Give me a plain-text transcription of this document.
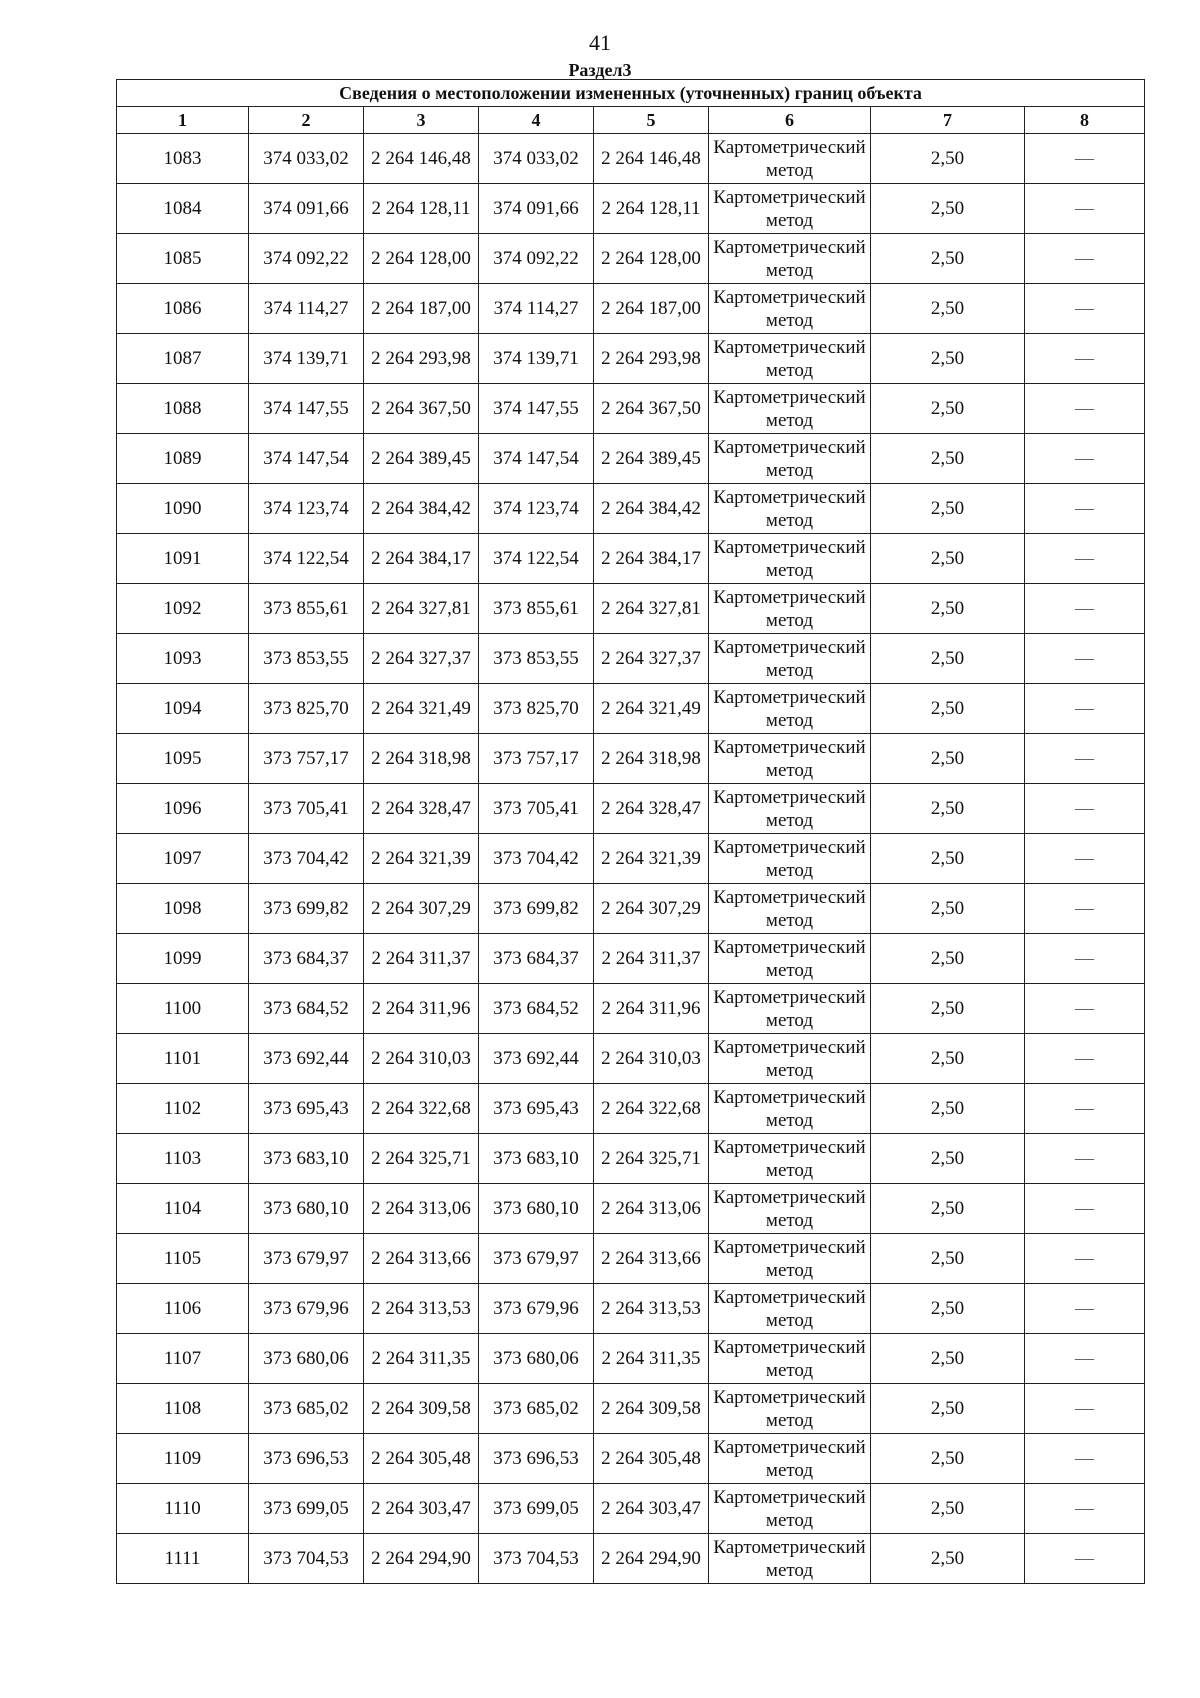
41
Раздел3
Сведения о местоположении измененных (уточненных) границ объекта							
1	2	3	4	5	6	7	8
1083	374 033,02	2 264 146,48	374 033,02	2 264 146,48	Картометрический метод	2,50	—
1084	374 091,66	2 264 128,11	374 091,66	2 264 128,11	Картометрический метод	2,50	—
1085	374 092,22	2 264 128,00	374 092,22	2 264 128,00	Картометрический метод	2,50	—
1086	374 114,27	2 264 187,00	374 114,27	2 264 187,00	Картометрический метод	2,50	—
1087	374 139,71	2 264 293,98	374 139,71	2 264 293,98	Картометрический метод	2,50	—
1088	374 147,55	2 264 367,50	374 147,55	2 264 367,50	Картометрический метод	2,50	—
1089	374 147,54	2 264 389,45	374 147,54	2 264 389,45	Картометрический метод	2,50	—
1090	374 123,74	2 264 384,42	374 123,74	2 264 384,42	Картометрический метод	2,50	—
1091	374 122,54	2 264 384,17	374 122,54	2 264 384,17	Картометрический метод	2,50	—
1092	373 855,61	2 264 327,81	373 855,61	2 264 327,81	Картометрический метод	2,50	—
1093	373 853,55	2 264 327,37	373 853,55	2 264 327,37	Картометрический метод	2,50	—
1094	373 825,70	2 264 321,49	373 825,70	2 264 321,49	Картометрический метод	2,50	—
1095	373 757,17	2 264 318,98	373 757,17	2 264 318,98	Картометрический метод	2,50	—
1096	373 705,41	2 264 328,47	373 705,41	2 264 328,47	Картометрический метод	2,50	—
1097	373 704,42	2 264 321,39	373 704,42	2 264 321,39	Картометрический метод	2,50	—
1098	373 699,82	2 264 307,29	373 699,82	2 264 307,29	Картометрический метод	2,50	—
1099	373 684,37	2 264 311,37	373 684,37	2 264 311,37	Картометрический метод	2,50	—
1100	373 684,52	2 264 311,96	373 684,52	2 264 311,96	Картометрический метод	2,50	—
1101	373 692,44	2 264 310,03	373 692,44	2 264 310,03	Картометрический метод	2,50	—
1102	373 695,43	2 264 322,68	373 695,43	2 264 322,68	Картометрический метод	2,50	—
1103	373 683,10	2 264 325,71	373 683,10	2 264 325,71	Картометрический метод	2,50	—
1104	373 680,10	2 264 313,06	373 680,10	2 264 313,06	Картометрический метод	2,50	—
1105	373 679,97	2 264 313,66	373 679,97	2 264 313,66	Картометрический метод	2,50	—
1106	373 679,96	2 264 313,53	373 679,96	2 264 313,53	Картометрический метод	2,50	—
1107	373 680,06	2 264 311,35	373 680,06	2 264 311,35	Картометрический метод	2,50	—
1108	373 685,02	2 264 309,58	373 685,02	2 264 309,58	Картометрический метод	2,50	—
1109	373 696,53	2 264 305,48	373 696,53	2 264 305,48	Картометрический метод	2,50	—
1110	373 699,05	2 264 303,47	373 699,05	2 264 303,47	Картометрический метод	2,50	—
1111	373 704,53	2 264 294,90	373 704,53	2 264 294,90	Картометрический метод	2,50	—
